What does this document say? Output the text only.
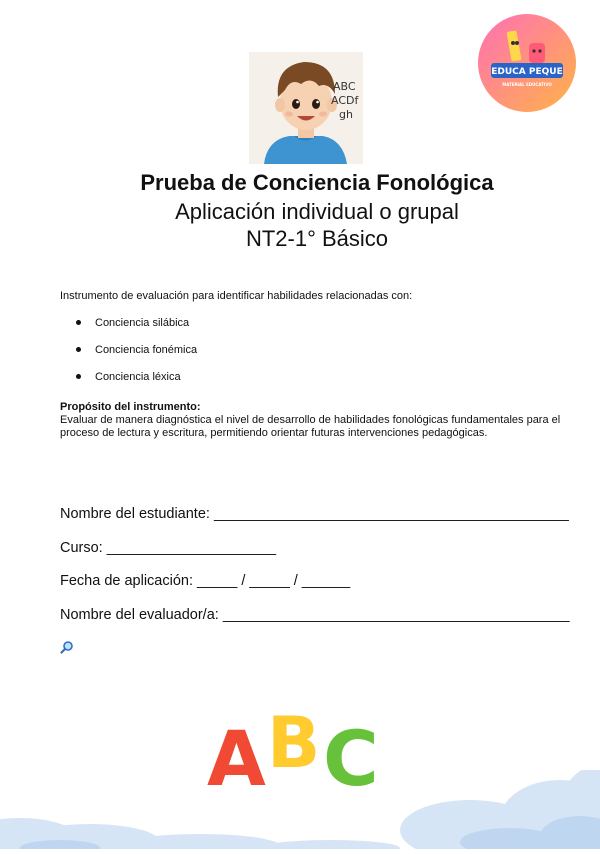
ABC
ACDf
gh
EDUCA PEQUE
MATERIAL EDUCATIVO
Prueba de Conciencia Fonológica
Aplicación individual o grupal
NT2-1° Básico
Instrumento de evaluación para identificar habilidades relacionadas con:
Conciencia silábica
Conciencia fonémica
Conciencia léxica
Propósito del instrumento:
Evaluar de manera diagnóstica el nivel de desarrollo de habilidades fonológicas fundamentales para el proceso de lectura y escritura, permitiendo orientar futuras intervenciones pedagógicas.
Nombre del estudiante: ____________________________________________
Curso: _____________________
Fecha de aplicación: _____ / _____ / ______
Nombre del evaluador/a: ___________________________________________
A B C
